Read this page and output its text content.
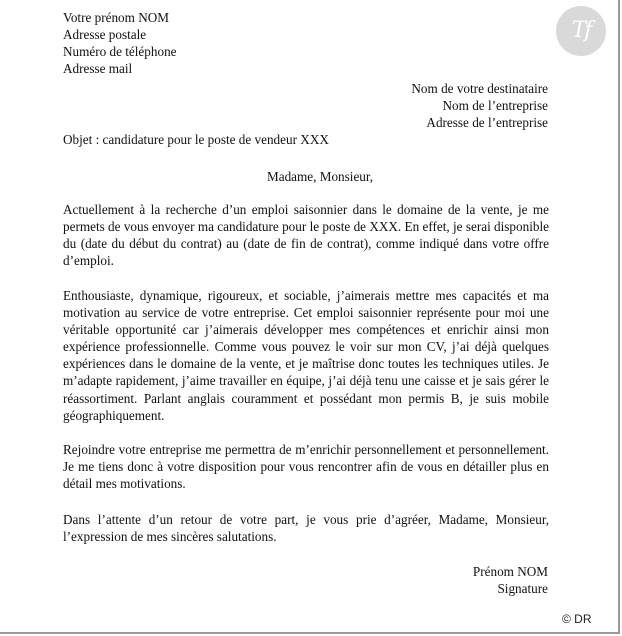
Tf
Votre prénom NOM
Adresse postale
Numéro de téléphone
Adresse mail
Nom de votre destinataire
Nom de l’entreprise
Adresse de l’entreprise
Objet : candidature pour le poste de vendeur XXX
Madame, Monsieur,

Actuellement à la recherche d’un emploi saisonnier dans le domaine de la vente, je me permets de vous envoyer ma candidature pour le poste de XXX. En effet, je serai disponible du (date du début du contrat) au (date de fin de contrat), comme indiqué dans votre offre d’emploi.

Enthousiaste, dynamique, rigoureux, et sociable, j’aimerais mettre mes capacités et ma motivation au service de votre entreprise. Cet emploi saisonnier représente pour moi une véritable opportunité car j’aimerais développer mes compétences et enrichir ainsi mon expérience professionnelle. Comme vous pouvez le voir sur mon CV, j’ai déjà quelques expériences dans le domaine de la vente, et je maîtrise donc toutes les techniques utiles. Je m’adapte rapidement, j’aime travailler en équipe, j’ai déjà tenu une caisse et je sais gérer le réassortiment. Parlant anglais couramment et possédant mon permis B, je suis mobile géographiquement.

Rejoindre votre entreprise me permettra de m’enrichir personnellement et personnellement. Je me tiens donc à votre disposition pour vous rencontrer afin de vous en détailler plus en détail mes motivations.

Dans l’attente d’un retour de votre part, je vous prie d’agréer, Madame, Monsieur, l’expression de mes sincères salutations.

Prénom NOM
Signature
© DR
